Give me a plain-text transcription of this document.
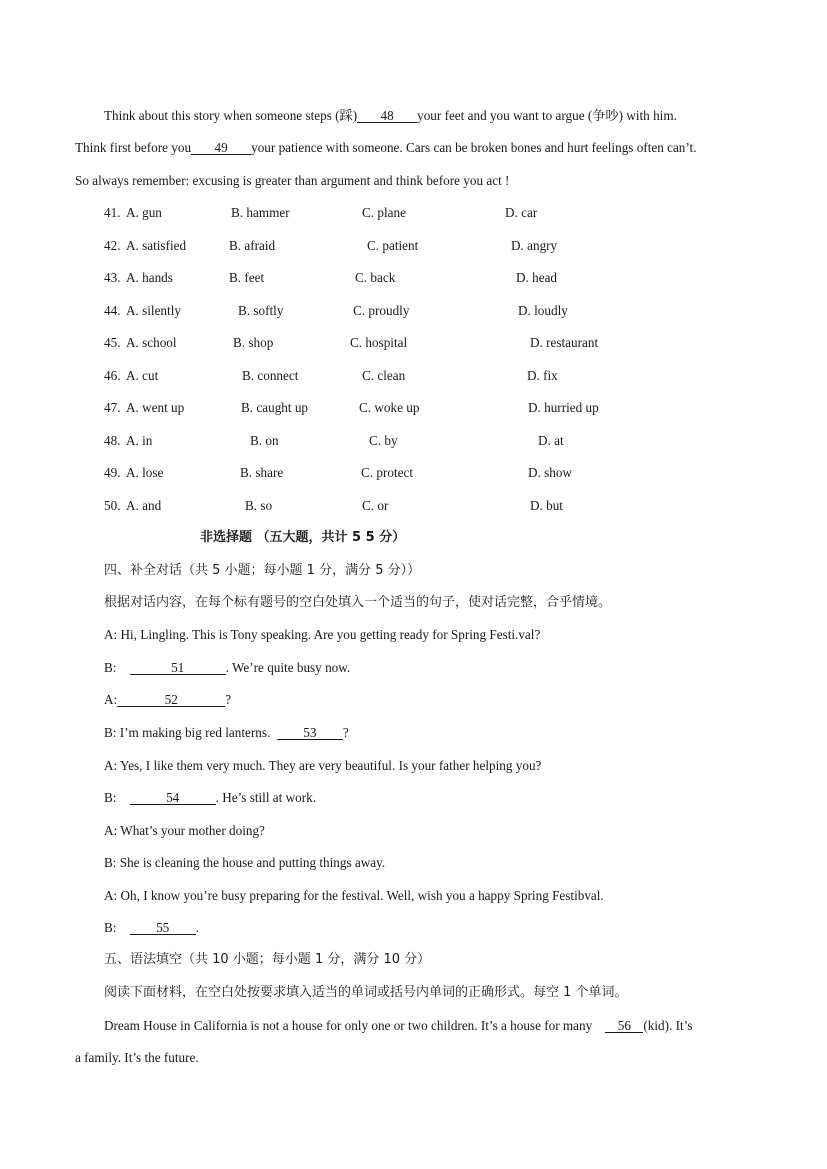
Think about this story when someone steps (踩) 48 your feet and you want to argue (争吵) with him.
Think first before you 49 your patience with someone. Cars can be broken bones and hurt feelings often can’t.
So always remember: excusing is greater than argument and think before you act !
41. A. gun	B. hammer	C. plane	D. car
42. A. satisfied	B. afraid	C. patient	D. angry
43. A. hands	B. feet	C. back	D. head
44. A. silently	B. softly	C. proudly	D. loudly
45. A. school	B. shop	C. hospital	D. restaurant
46. A. cut	B. connect	C. clean	D. fix
47. A. went up	B. caught up	C. woke up	D. hurried up
48. A. in	B. on	C. by	D. at
49. A. lose	B. share	C. protect	D. show
50. A. and	B. so	C. or	D. but
非选择题 （五大题，共计 5 5 分）
四、补全对话（共 5 小题；每小题 1 分，满分 5 分））
根据对话内容，在每个标有题号的空白处填入一个适当的句子，使对话完整，合乎情境。
A: Hi, Lingling. This is Tony speaking. Are you getting ready for Spring Festi.val?
B:	51	. We’re quite busy now.
A:	52	?
B: I’m making big red lanterns.	53 ?
A: Yes, I like them very much. They are very beautiful. Is your father helping you?
B:	54	. He’s still at work.
A: What’s your mother doing?
B: She is cleaning the house and putting things away.
A: Oh, I know you’re busy preparing for the festival. Well, wish you a happy Spring Festibval.
B:	55 .
五、语法填空（共 10 小题；每小题 1 分，满分 10 分）
阅读下面材料，在空白处按要求填入适当的单词或括号内单词的正确形式。每空 1 个单词。
Dream House in California is not a house for only one or two children. It’s a house for many 56 (kid). It’s
a family. It’s the future.
